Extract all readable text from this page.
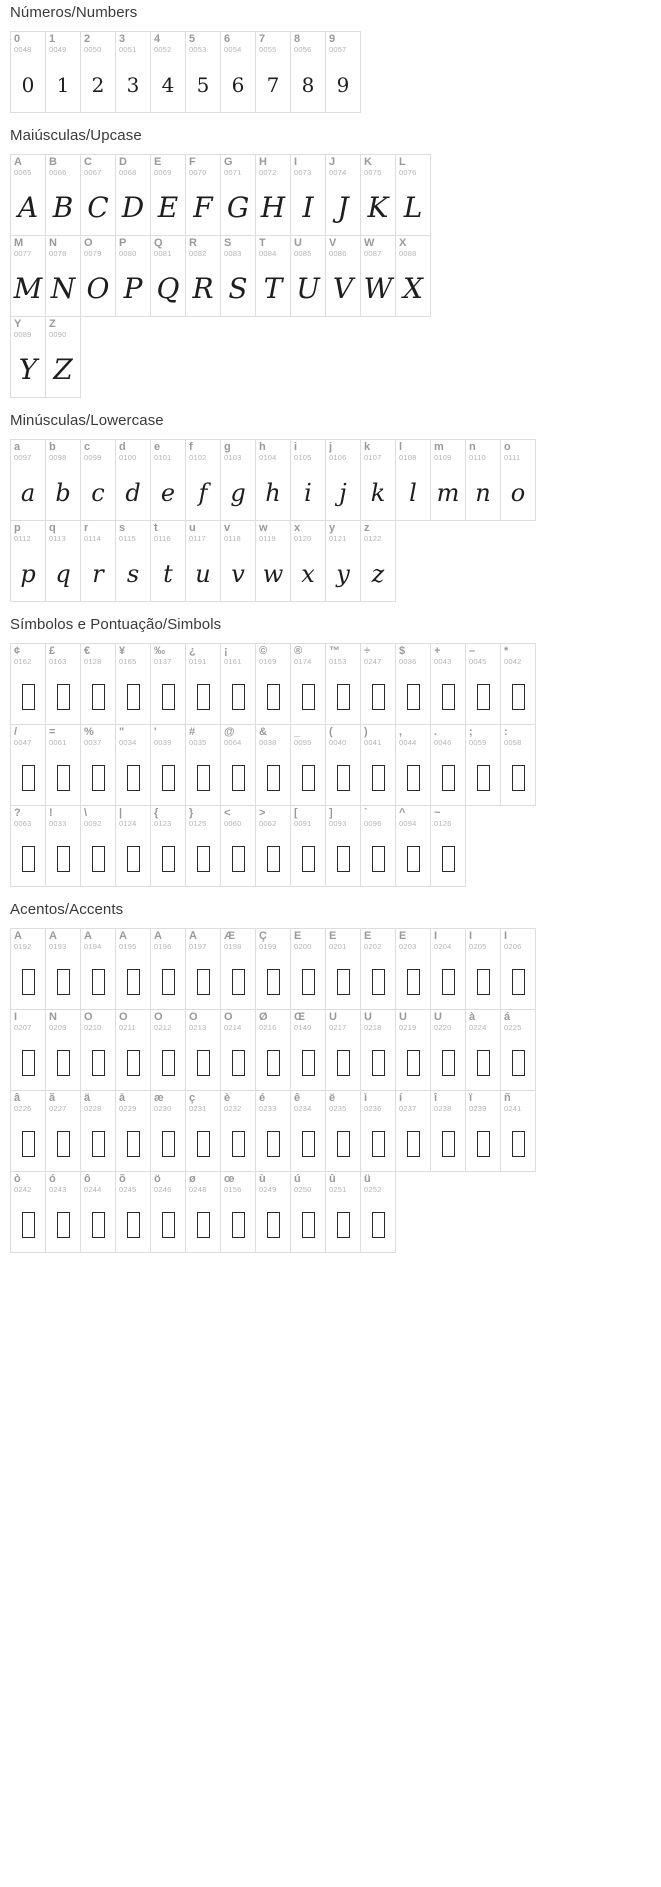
Números/Numbers
0
0048
0
1
0049
1
2
0050
2
3
0051
3
4
0052
4
5
0053
5
6
0054
6
7
0055
7
8
0056
8
9
0057
9
Maiúsculas/Upcase
A
0065
A
B
0066
B
C
0067
C
D
0068
D
E
0069
E
F
0070
F
G
0071
G
H
0072
H
I
0073
I
J
0074
J
K
0075
K
L
0076
L
M
0077
M
N
0078
N
O
0079
O
P
0080
P
Q
0081
Q
R
0082
R
S
0083
S
T
0084
T
U
0085
U
V
0086
V
W
0087
W
X
0088
X
Y
0089
Y
Z
0090
Z
Minúsculas/Lowercase
a
0097
a
b
0098
b
c
0099
c
d
0100
d
e
0101
e
f
0102
f
g
0103
g
h
0104
h
i
0105
i
j
0106
j
k
0107
k
l
0108
l
m
0109
m
n
0110
n
o
0111
o
p
0112
p
q
0113
q
r
0114
r
s
0115
s
t
0116
t
u
0117
u
v
0118
v
w
0119
w
x
0120
x
y
0121
y
z
0122
z
Símbolos e Pontuação/Simbols
¢
0162
£
0163
€
0128
¥
0165
‰
0137
¿
0191
¡
0161
©
0169
®
0174
™
0153
÷
0247
$
0036
+
0043
–
0045
*
0042
/
0047
=
0061
%
0037
"
0034
'
0039
#
0035
@
0064
&
0038
_
0095
(
0040
)
0041
,
0044
.
0046
;
0059
:
0058
?
0063
!
0033
\
0092
|
0124
{
0123
}
0125
<
0060
>
0062
[
0091
]
0093
`
0096
^
0094
~
0126
Acentos/Accents
À
0192
Á
0193
Â
0194
Ã
0195
Ä
0196
Å
0197
Æ
0198
Ç
0199
È
0200
É
0201
Ê
0202
Ë
0203
Ì
0204
Í
0205
Î
0206
Ï
0207
Ñ
0209
Ò
0210
Ó
0211
Ô
0212
Õ
0213
Ö
0214
Ø
0216
Œ
0140
Ù
0217
Ú
0218
Û
0219
Ü
0220
à
0224
á
0225
â
0226
ã
0227
ä
0228
å
0229
æ
0230
ç
0231
è
0232
é
0233
ê
0234
ë
0235
ì
0236
í
0237
î
0238
ï
0239
ñ
0241
ò
0242
ó
0243
ô
0244
õ
0245
ö
0246
ø
0248
œ
0156
ù
0249
ú
0250
û
0251
ü
0252
